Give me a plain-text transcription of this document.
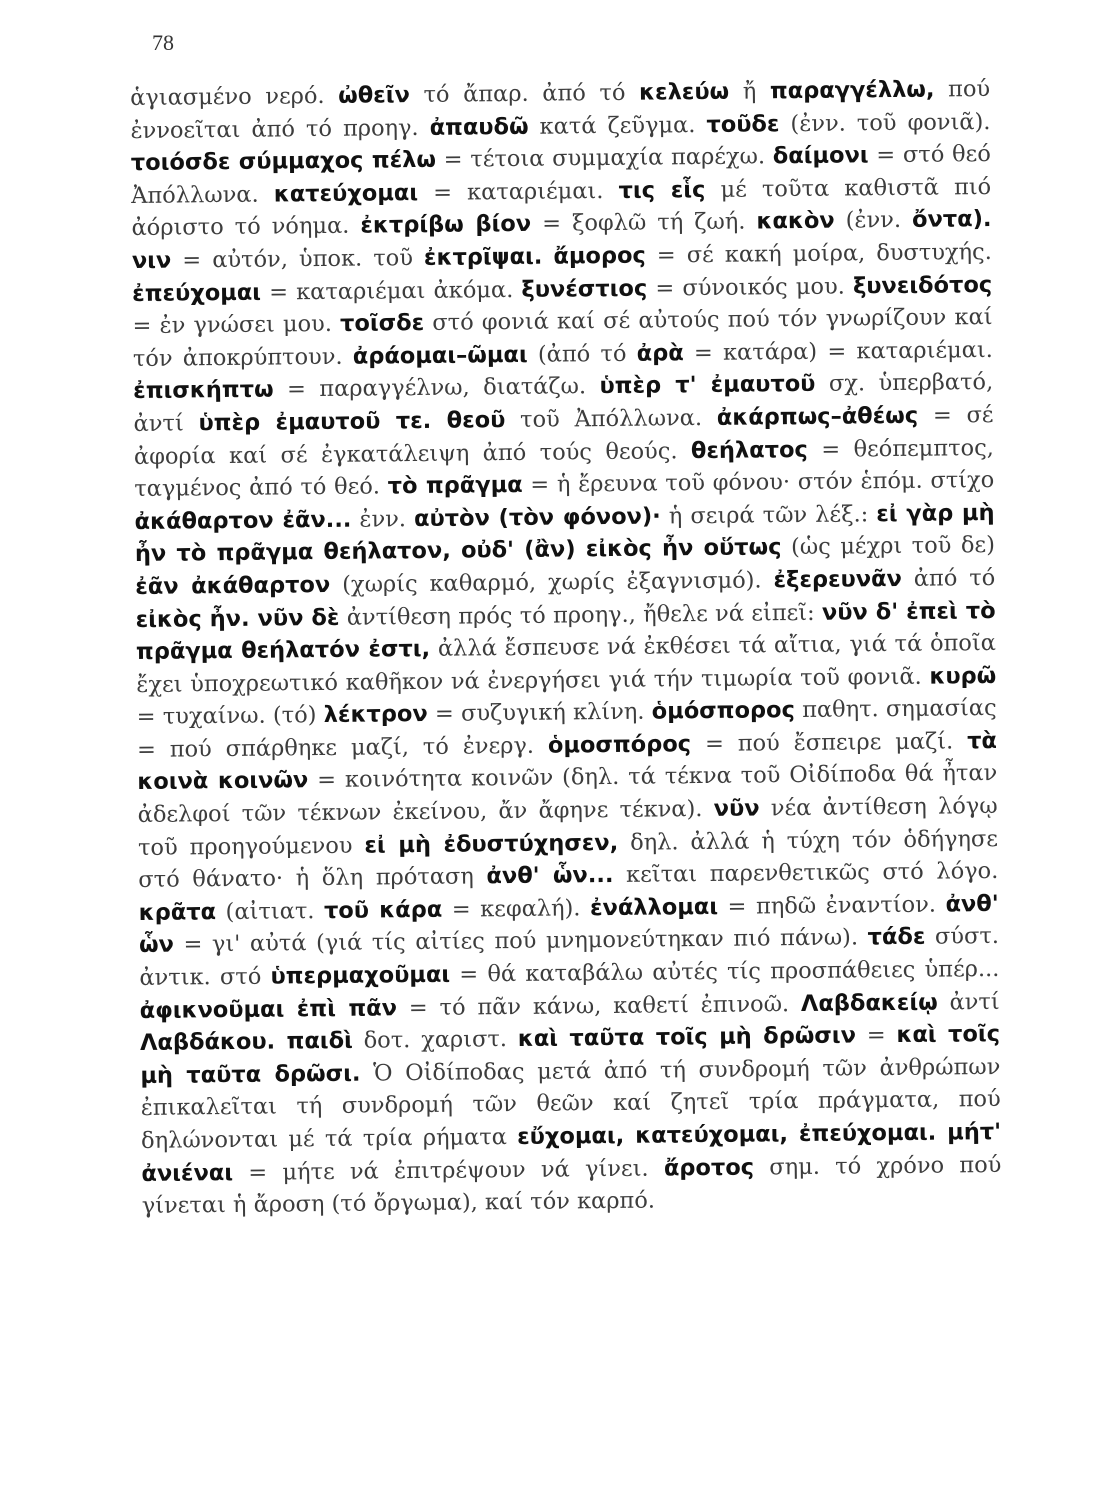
78
ἁγιασμένο νερό. ὠθεῖν τό ἄπαρ. ἀπό τό κελεύω ἤ παραγγέλλω, πού ἐννοεῖται ἀπό τό προηγ. ἀπαυδῶ κατά ζεῦγμα. τοῦδε (ἐνν. τοῦ φονιᾶ). τοιόσδε σύμμαχος πέλω = τέτοια συμμαχία παρέχω. δαίμονι = στό θεό Ἀπόλλωνα. κατεύχομαι = καταριέμαι. τις εἷς μέ τοῦτα καθιστᾶ πιό ἀόριστο τό νόημα. ἐκτρίβω βίον = ξοφλῶ τή ζωή. κακὸν (ἐνν. ὄντα). νιν = αὐτόν, ὑποκ. τοῦ ἐκτρῖψαι. ἄμορος = σέ κακή μοίρα, δυστυχής. ἐπεύχομαι = καταριέμαι ἀκόμα. ξυνέστιος = σύνοικός μου. ξυνειδότος = ἐν γνώσει μου. τοῖσδε στό φονιά καί σέ αὐτούς πού τόν γνωρίζουν καί τόν ἀποκρύπτουν. ἀράομαι–ῶμαι (ἀπό τό ἀρὰ = κατάρα) = καταριέμαι. ἐπισκήπτω = παραγγέλνω, διατάζω. ὑπὲρ τ' ἐμαυτοῦ σχ. ὑπερβατό, ἀντί ὑπὲρ ἐμαυτοῦ τε. θεοῦ τοῦ Ἀπόλλωνα. ἀκάρπως–ἀθέως = σέ ἀφορία καί σέ ἐγκατάλειψη ἀπό τούς θεούς. θεήλατος = θεόπεμπτος, ταγμένος ἀπό τό θεό. τὸ πρᾶγμα = ἡ ἔρευνα τοῦ φόνου· στόν ἑπόμ. στίχο ἀκάθαρτον ἐᾶν... ἐνν. αὐτὸν (τὸν φόνον)· ἡ σειρά τῶν λέξ.: εἰ γὰρ μὴ ἦν τὸ πρᾶγμα θεήλατον, οὐδ' (ἂν) εἰκὸς ἦν οὕτως (ὡς μέχρι τοῦ δε) ἐᾶν ἀκάθαρτον (χωρίς καθαρμό, χωρίς ἐξαγνισμό). ἐξερευνᾶν ἀπό τό εἰκὸς ἦν. νῦν δὲ ἀντίθεση πρός τό προηγ., ἤθελε νά εἰπεῖ: νῦν δ' ἐπεὶ τὸ πρᾶγμα θεήλατόν ἐστι, ἀλλά ἔσπευσε νά ἐκθέσει τά αἴτια, γιά τά ὁποῖα ἔχει ὑποχρεωτικό καθῆκον νά ἐνεργήσει γιά τήν τιμωρία τοῦ φονιᾶ. κυρῶ = τυχαίνω. (τό) λέκτρον = συζυγική κλίνη. ὁμόσπορος παθητ. σημασίας = πού σπάρθηκε μαζί, τό ἐνεργ. ὁμοσπόρος = πού ἔσπειρε μαζί. τὰ κοινὰ κοινῶν = κοινότητα κοινῶν (δηλ. τά τέκνα τοῦ Οἰδίποδα θά ἦταν ἀδελφοί τῶν τέκνων ἐκείνου, ἄν ἄφηνε τέκνα). νῦν νέα ἀντίθεση λόγῳ τοῦ προηγούμενου εἰ μὴ ἐδυστύχησεν, δηλ. ἀλλά ἡ τύχη τόν ὁδήγησε στό θάνατο· ἡ ὅλη πρόταση ἀνθ' ὧν... κεῖται παρενθετικῶς στό λόγο. κρᾶτα (αἰτιατ. τοῦ κάρα = κεφαλή). ἐνάλλομαι = πηδῶ ἐναντίον. ἀνθ' ὧν = γι' αὐτά (γιά τίς αἰτίες πού μνημονεύτηκαν πιό πάνω). τάδε σύστ. ἀντικ. στό ὑπερμαχοῦμαι = θά καταβάλω αὐτές τίς προσπάθειες ὑπέρ... ἀφικνοῦμαι ἐπὶ πᾶν = τό πᾶν κάνω, καθετί ἐπινοῶ. Λαβδακείῳ ἀντί Λαβδάκου. παιδὶ δοτ. χαριστ. καὶ ταῦτα τοῖς μὴ δρῶσιν = καὶ τοῖς μὴ ταῦτα δρῶσι. Ὁ Οἰδίποδας μετά ἀπό τή συνδρομή τῶν ἀνθρώπων ἐπικαλεῖται τή συνδρομή τῶν θεῶν καί ζητεῖ τρία πράγματα, πού δηλώνονται μέ τά τρία ρήματα εὔχομαι, κατεύχομαι, ἐπεύχομαι. μήτ' ἀνιέναι = μήτε νά ἐπιτρέψουν νά γίνει. ἄροτος σημ. τό χρόνο πού γίνεται ἡ ἄροση (τό ὄργωμα), καί τόν καρπό.
